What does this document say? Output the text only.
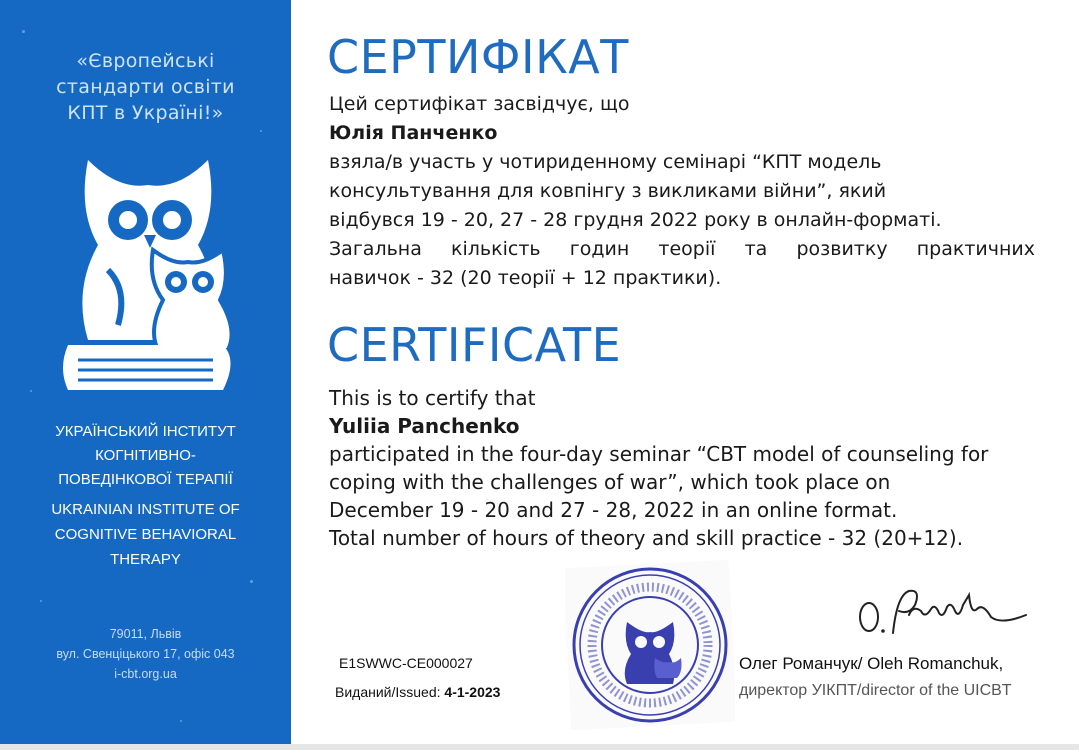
«Європейські
стандарти освіти
КПТ в Україні!»
УКРАЇНСЬКИЙ ІНСТИТУТ
КОГНІТИВНО-
ПОВЕДІНКОВОЇ ТЕРАПІЇ
UKRAINIAN INSTITUTE OF
COGNITIVE BEHAVIORAL
THERAPY
79011, Львів
вул. Свенціцького 17, офіс 043
i-cbt.org.ua
СЕРТИФІКАТ
Цей сертифікат засвідчує, що
Юлія Панченко
взяла/в участь у чотириденному семінарі “КПТ модель
консультування для ковпінгу з викликами війни”, який
відбувся 19 - 20, 27 - 28 грудня 2022 року в онлайн-форматі.
Загальна кількість годин теорії та розвитку практичних
навичок - 32 (20 теорії + 12 практики).
CERTIFICATE
This is to certify that
Yuliia Panchenko
participated in the four-day seminar “CBT model of counseling for
coping with the challenges of war”, which took place on
December 19 - 20 and 27 - 28, 2022 in an online format.
Total number of hours of theory and skill practice - 32 (20+12).
E1SWWC-CE000027
Виданий/Issued: 4-1-2023
Олег Романчук/ Oleh Romanchuk,
директор УІКПТ/director of the UICBT
